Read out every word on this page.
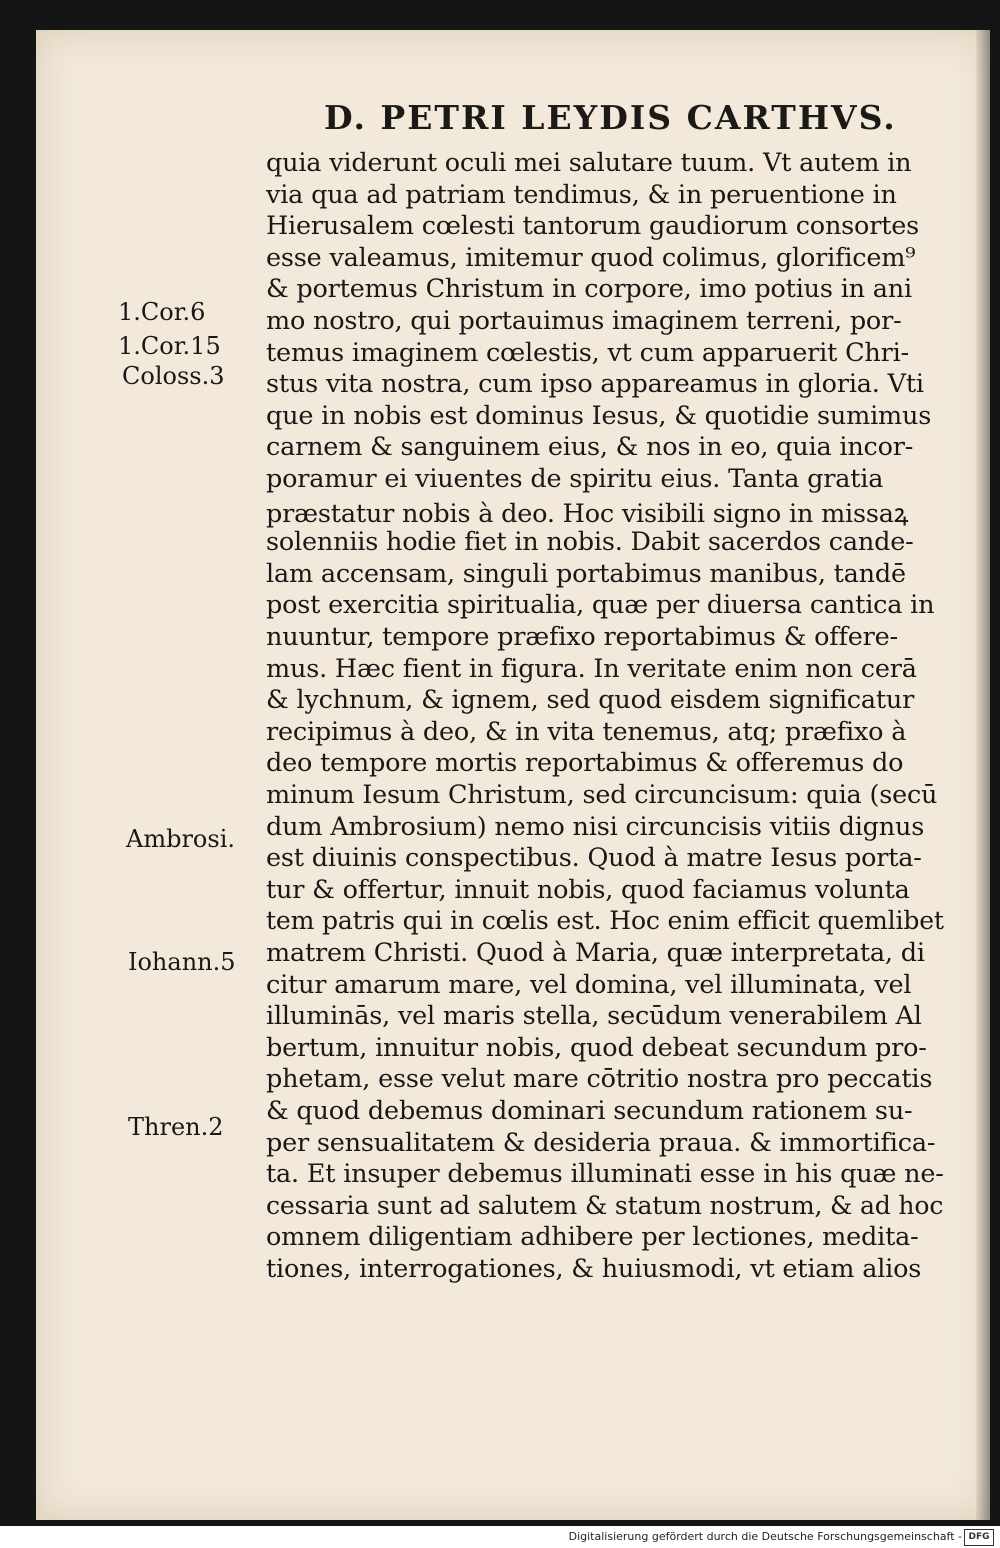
D. PETRI LEYDIS CARTHVS.
quia viderunt oculi mei salutare tuum. Vt autem in
via qua ad patriam tendimus, & in peruentione in
Hierusalem cœlesti tantorum gaudiorum consortes
esse valeamus, imitemur quod colimus, glorificem⁹
& portemus Christum in corpore, imo potius in ani
mo nostro, qui portauimus imaginem terreni, por-
temus imaginem cœlestis, vt cum apparuerit Chri-
stus vita nostra, cum ipso appareamus in gloria. Vti
que in nobis est dominus Iesus, & quotidie sumimus
carnem & sanguinem eius, & nos in eo, quia incor-
poramur ei viuentes de spiritu eius. Tanta gratia
præstatur nobis à deo. Hoc visibili signo in missaꝝ
solenniis hodie fiet in nobis. Dabit sacerdos cande-
lam accensam, singuli portabimus manibus, tandē
post exercitia spiritualia, quæ per diuersa cantica in
nuuntur, tempore præfixo reportabimus & offere-
mus. Hæc fient in figura. In veritate enim non cerā
& lychnum, & ignem, sed quod eisdem significatur
recipimus à deo, & in vita tenemus, atq; præfixo à
deo tempore mortis reportabimus & offeremus do
minum Iesum Christum, sed circuncisum: quia (secū
dum Ambrosium) nemo nisi circuncisis vitiis dignus
est diuinis conspectibus. Quod à matre Iesus porta-
tur & offertur, innuit nobis, quod faciamus volunta
tem patris qui in cœlis est. Hoc enim efficit quemlibet
matrem Christi. Quod à Maria, quæ interpretata, di
citur amarum mare, vel domina, vel illuminata, vel
illuminās, vel maris stella, secūdum venerabilem Al
bertum, innuitur nobis, quod debeat secundum pro-
phetam, esse velut mare cōtritio nostra pro peccatis
& quod debemus dominari secundum rationem su-
per sensualitatem & desideria praua. & immortifica-
ta. Et insuper debemus illuminati esse in his quæ ne-
cessaria sunt ad salutem & statum nostrum, & ad hoc
omnem diligentiam adhibere per lectiones, medita-
tiones, interrogationes, & huiusmodi, vt etiam alios
1.Cor.6
1.Cor.15
Coloss.3
Ambrosi.
Iohann.5
Thren.2
Digitalisierung gefördert durch die Deutsche Forschungsgemeinschaft - DFG
